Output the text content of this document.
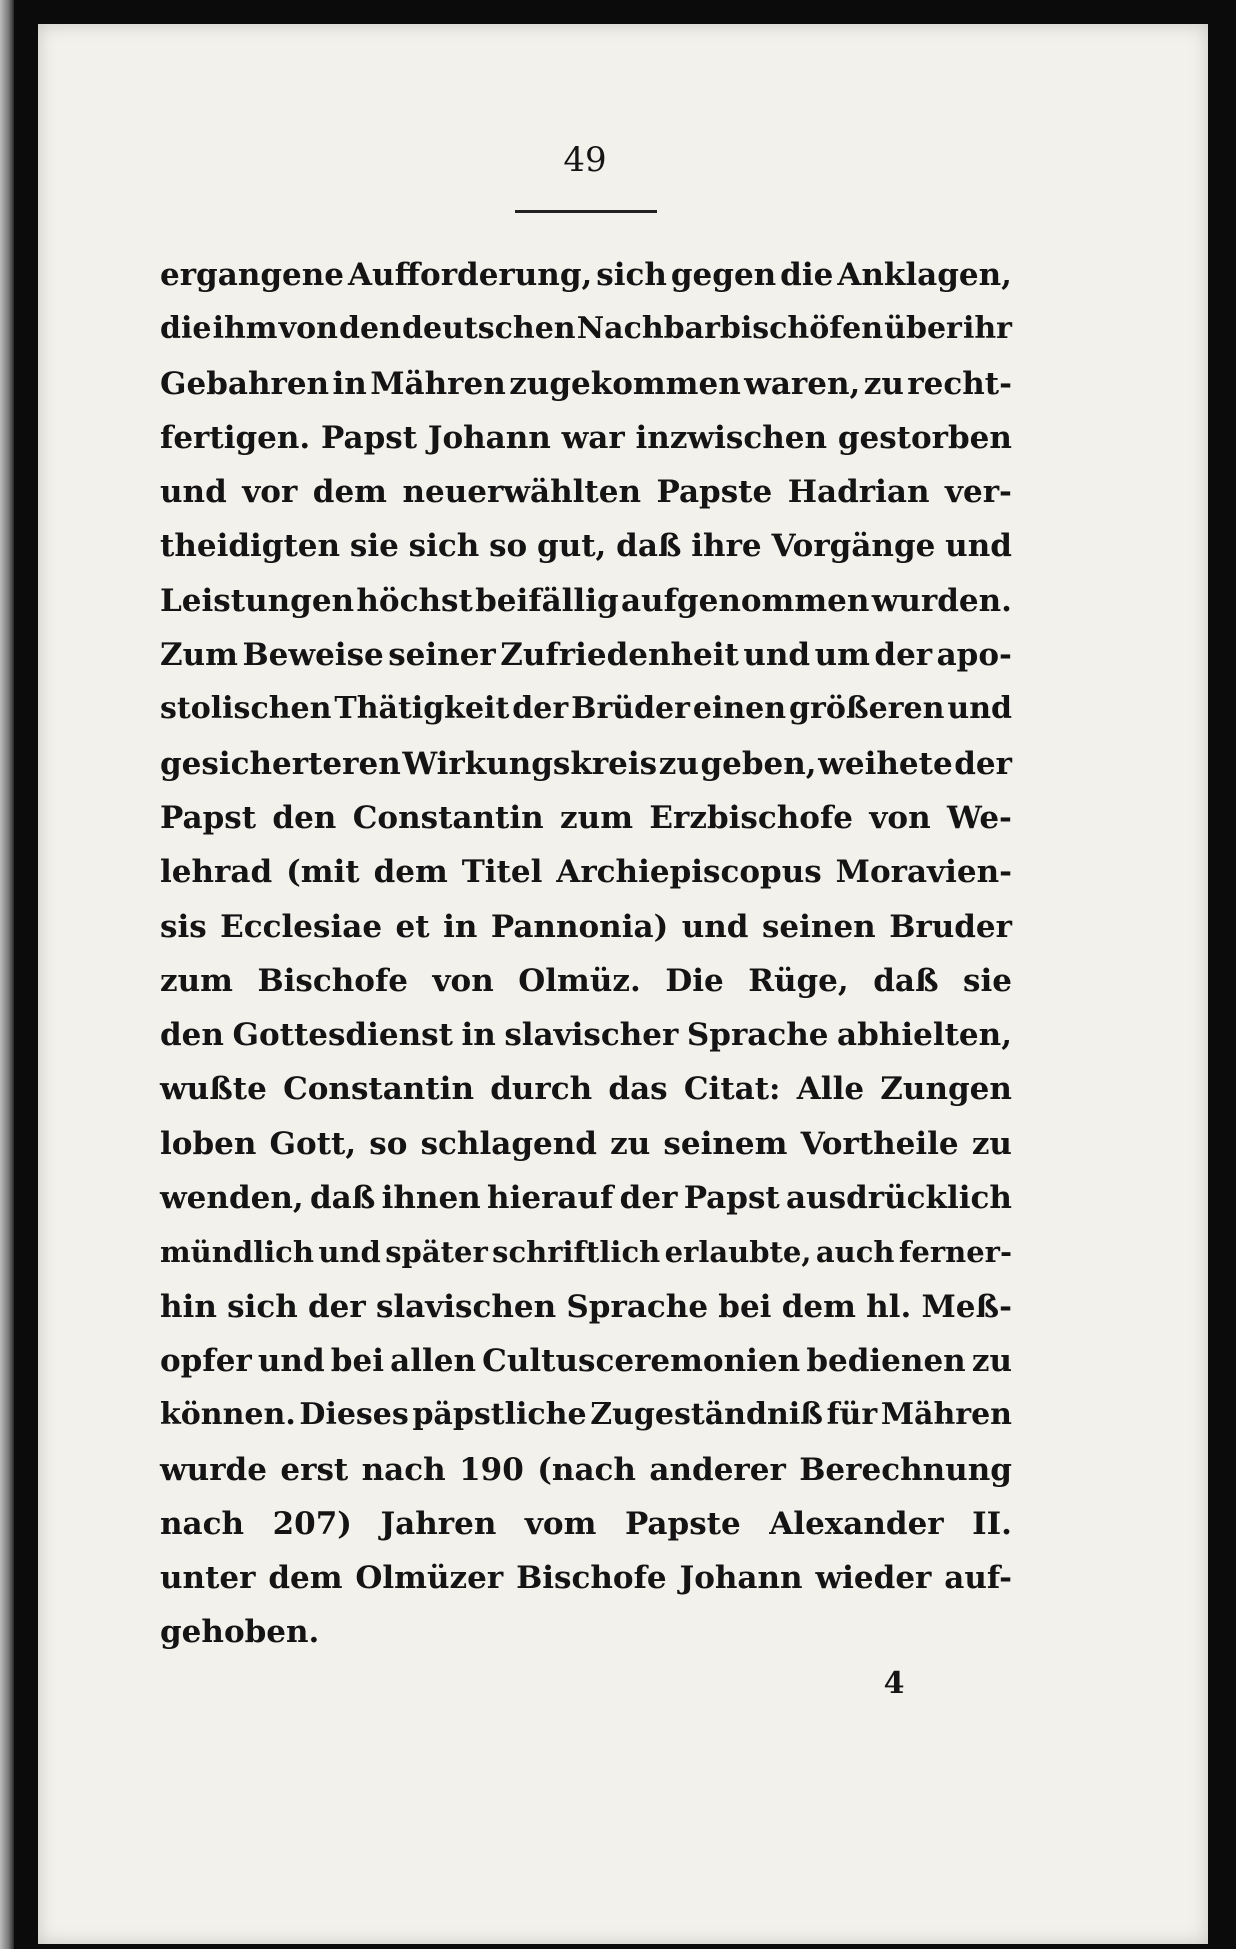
49
ergangene Aufforderung, sich gegen die Anklagen,
die ihm von den deutschen Nachbarbischöfen über ihr
Gebahren in Mähren zugekommen waren, zu recht-
fertigen. Papst Johann war inzwischen gestorben
und vor dem neuerwählten Papste Hadrian ver-
theidigten sie sich so gut, daß ihre Vorgänge und
Leistungen höchst beifällig aufgenommen wurden.
Zum Beweise seiner Zufriedenheit und um der apo-
stolischen Thätigkeit der Brüder einen größeren und
gesicherteren Wirkungskreis zu geben, weihete der
Papst den Constantin zum Erzbischofe von We-
lehrad (mit dem Titel Archiepiscopus Moravien-
sis Ecclesiae et in Pannonia) und seinen Bruder
zum Bischofe von Olmüz. Die Rüge, daß sie
den Gottesdienst in slavischer Sprache abhielten,
wußte Constantin durch das Citat: Alle Zungen
loben Gott, so schlagend zu seinem Vortheile zu
wenden, daß ihnen hierauf der Papst ausdrücklich
mündlich und später schriftlich erlaubte, auch ferner-
hin sich der slavischen Sprache bei dem hl. Meß-
opfer und bei allen Cultusceremonien bedienen zu
können. Dieses päpstliche Zugeständniß für Mähren
wurde erst nach 190 (nach anderer Berechnung
nach 207) Jahren vom Papste Alexander II.
unter dem Olmüzer Bischofe Johann wieder auf-
gehoben.
4
